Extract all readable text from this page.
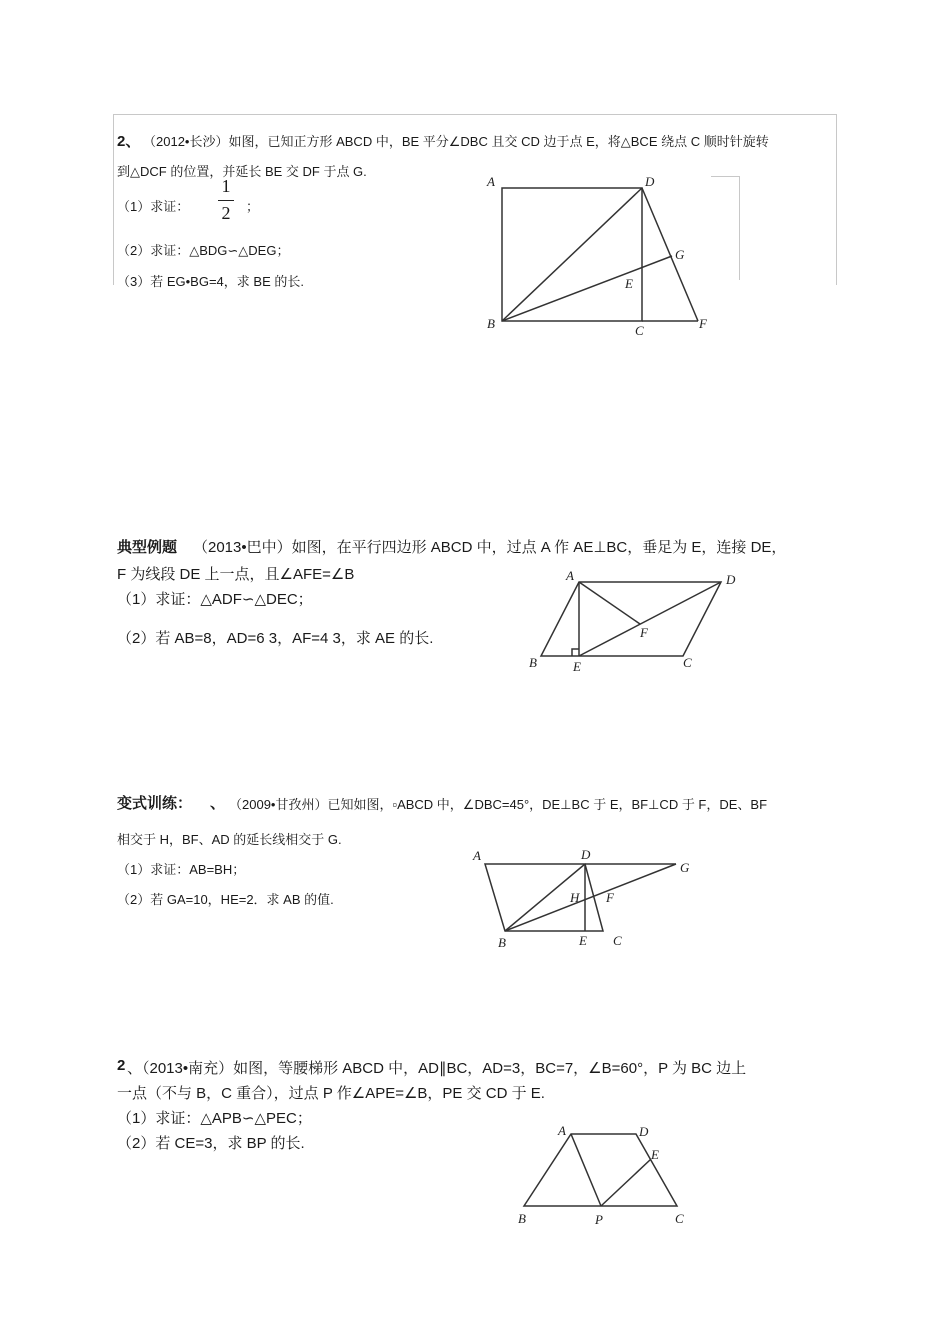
2、 （2012•长沙）如图，已知正方形 ABCD 中，BE 平分∠DBC 且交 CD 边于点 E，将△BCE 绕点 C 顺时针旋转
到△DCF 的位置，并延长 BE 交 DF 于点 G.
（1）求证：
1
2 ；
（2）求证：△BDG∽△DEG；
（3）若 EG•BG=4，求 BE 的长.
A	D
G
E
B	C	F
典型例题 （2013•巴中）如图，在平行四边形 ABCD 中，过点 A 作 AE⊥BC，垂足为 E，连接 DE，
F 为线段 DE 上一点，且∠AFE=∠B
（1）求证：△ADF∽△DEC；
（2）若 AB=8，AD=6 3，AF=4 3，求 AE 的长.
A	D
F
B	E	C
变式训练： 、 （2009•甘孜州）已知如图，▫ABCD 中，∠DBC=45°，DE⊥BC 于 E，BF⊥CD 于 F，DE、BF
相交于 H，BF、AD 的延长线相交于 G.
（1）求证：AB=BH；
（2）若 GA=10，HE=2．求 AB 的值.
A	D
G
H F
B	E C
2 、（2013•南充）如图，等腰梯形 ABCD 中，AD∥BC，AD=3，BC=7，∠B=60°，P 为 BC 边上
一点（不与 B，C 重合），过点 P 作∠APE=∠B，PE 交 CD 于 E.
（1）求证：△APB∽△PEC；
（2）若 CE=3，求 BP 的长.
A	D
E
B	P	C
